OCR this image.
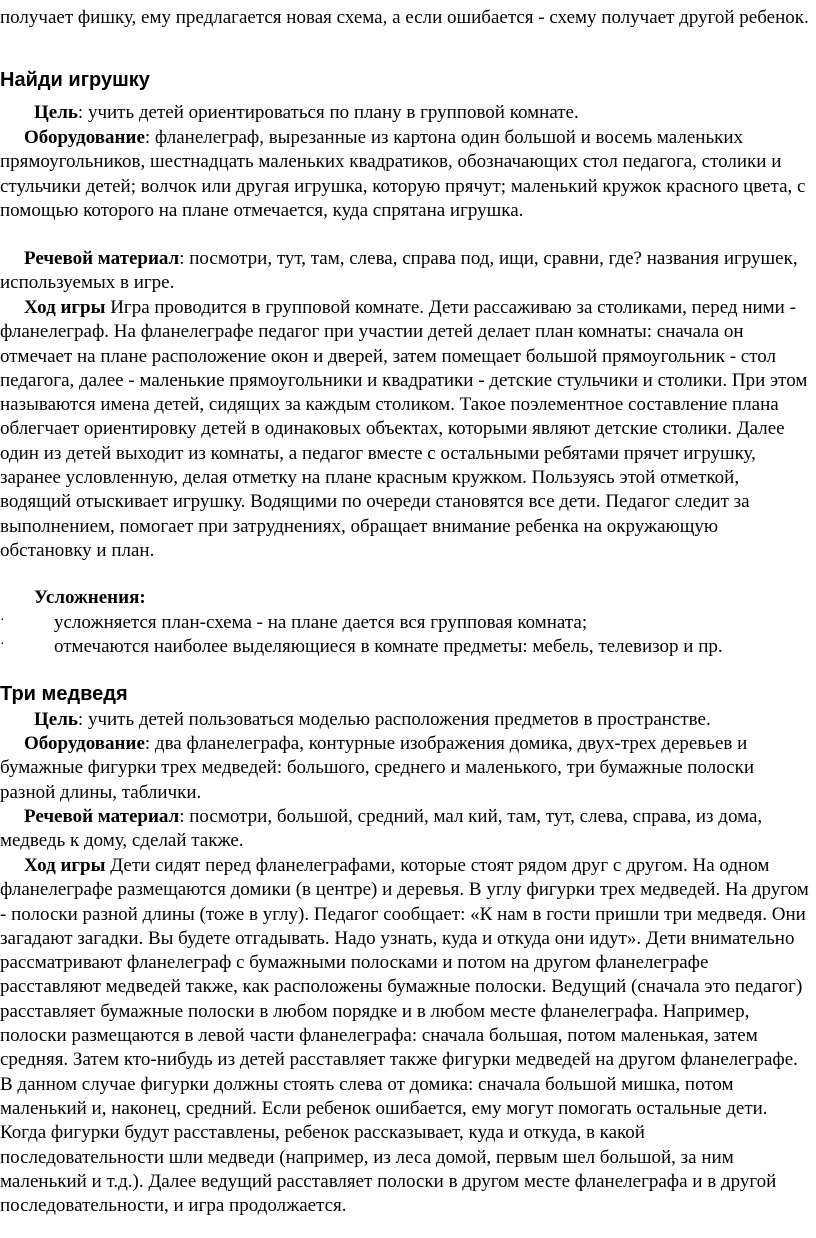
получает фишку, ему предлагается новая схема, а если ошибается - схему получает другой ребенок.

Найди игрушку

Цель: учить детей ориентироваться по плану в групповой комнате.

Оборудование: фланелеграф, вырезанные из картона один большой и восемь маленьких прямоугольников, шестнадцать маленьких квадратиков, обозначающих стол педагога, столики и стульчики детей; волчок или другая игрушка, которую прячут; маленький кружок красного цвета, с помощью которого на плане отмечается, куда спрятана игрушка.

Речевой материал: посмотри, тут, там, слева, справа под, ищи, сравни, где? названия игрушек, используемых в игре.

Ход игры Игра проводится в групповой комнате. Дети рассаживаю за столиками, перед ними - фланелеграф. На фланелеграфе педагог при участии детей делает план комнаты: сначала он отмечает на плане расположение окон и дверей, затем помещает большой прямоугольник - стол педагога, далее - маленькие прямоугольники и квадратики - детские стульчики и столики. При этом называются имена детей, сидящих за каждым столиком. Такое поэлементное составление плана облегчает ориентировку детей в одинаковых объектах, которыми являют детские столики. Далее один из детей выходит из комнаты, а педагог вместе с остальными ребятами прячет игрушку, заранее условленную, делая отметку на плане красным кружком. Пользуясь этой отметкой, водящий отыскивает игрушку. Водящими по очереди становятся все дети. Педагог следит за выполнением, помогает при затруднениях, обращает внимание ребенка на окружающую обстановку и план.

Усложнения:

·	усложняется план-схема - на плане дается вся групповая комната;
·	отмечаются наиболее выделяющиеся в комнате предметы: мебель, телевизор и пр.
Три медведя

Цель: учить детей пользоваться моделью расположения предметов в пространстве.

Оборудование: два фланелеграфа, контурные изображения домика, двух-трех деревьев и бумажные фигурки трех медведей: большого, среднего и маленького, три бумажные полоски разной длины, таблички.

Речевой материал: посмотри, большой, средний, мал кий, там, тут, слева, справа, из дома, медведь к дому, сделай также.

Ход игры Дети сидят перед фланелеграфами, которые стоят рядом друг с другом. На одном фланелеграфе размещаются домики (в центре) и деревья. В углу фигурки трех медведей. На другом - полоски разной длины (тоже в углу). Педагог сообщает: «К нам в гости пришли три медведя. Они загадают загадки. Вы будете отгадывать. Надо узнать, куда и откуда они идут». Дети внимательно рассматривают фланелеграф с бумажными полосками и потом на другом фланелеграфе расставляют медведей также, как расположены бумажные полоски. Ведущий (сначала это педагог) расставляет бумажные полоски в любом порядке и в любом месте фланелеграфа. Например, полоски размещаются в левой части фланелеграфа: сначала большая, потом маленькая, затем средняя. Затем кто-нибудь из детей расставляет также фигурки медведей на другом фланелеграфе. В данном случае фигурки должны стоять слева от домика: сначала большой мишка, потом маленький и, наконец, средний. Если ребенок ошибается, ему могут помогать остальные дети. Когда фигурки будут расставлены, ребенок рассказывает, куда и откуда, в какой последовательности шли медведи (например, из леса домой, первым шел большой, за ним маленький и т.д.). Далее ведущий расставляет полоски в другом месте фланелеграфа и в другой последовательности, и игра продолжается.
